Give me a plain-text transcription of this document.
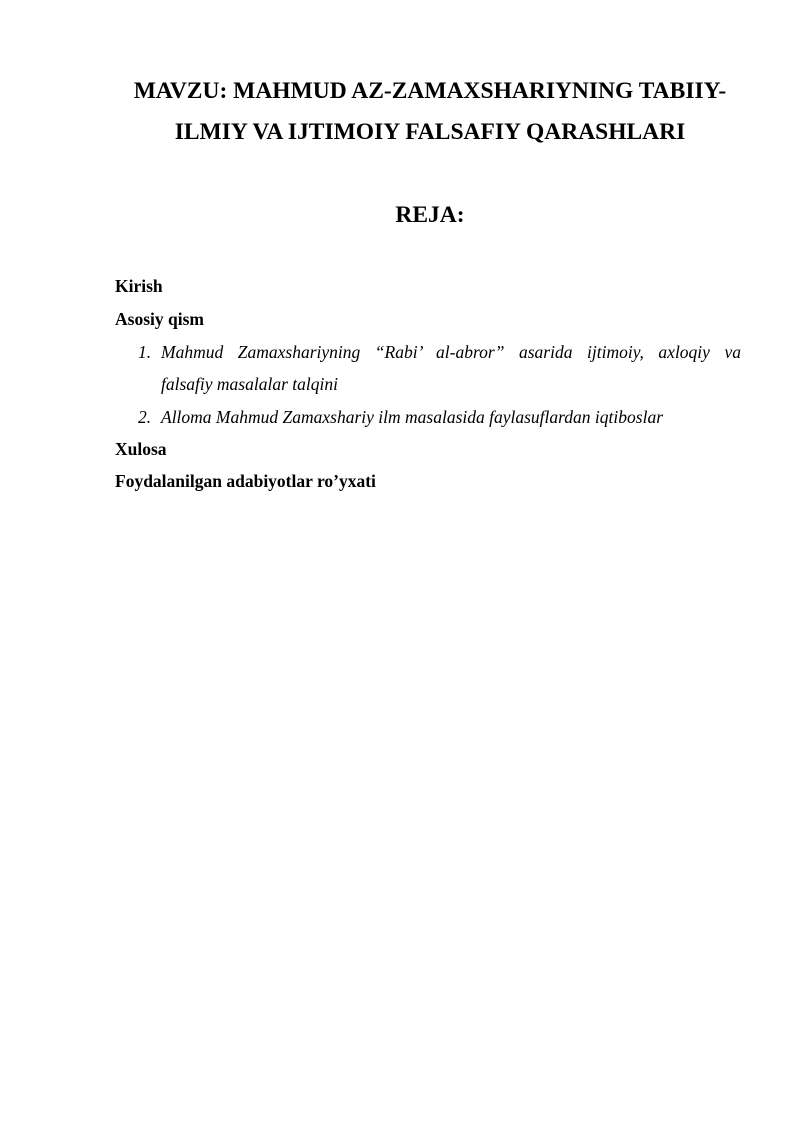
MAVZU: MAHMUD AZ-ZAMAXSHARIYNING TABIIY-
ILMIY VA IJTIMOIY FALSAFIY QARASHLARI
REJA:
Kirish
Asosiy qism
1. Mahmud Zamaxshariyning “Rabi’ al-abror” asarida ijtimoiy, axloqiy va
falsafiy masalalar talqini
2. Alloma Mahmud Zamaxshariy ilm masalasida faylasuflardan iqtiboslar
Xulosa
Foydalanilgan adabiyotlar ro’yxati
